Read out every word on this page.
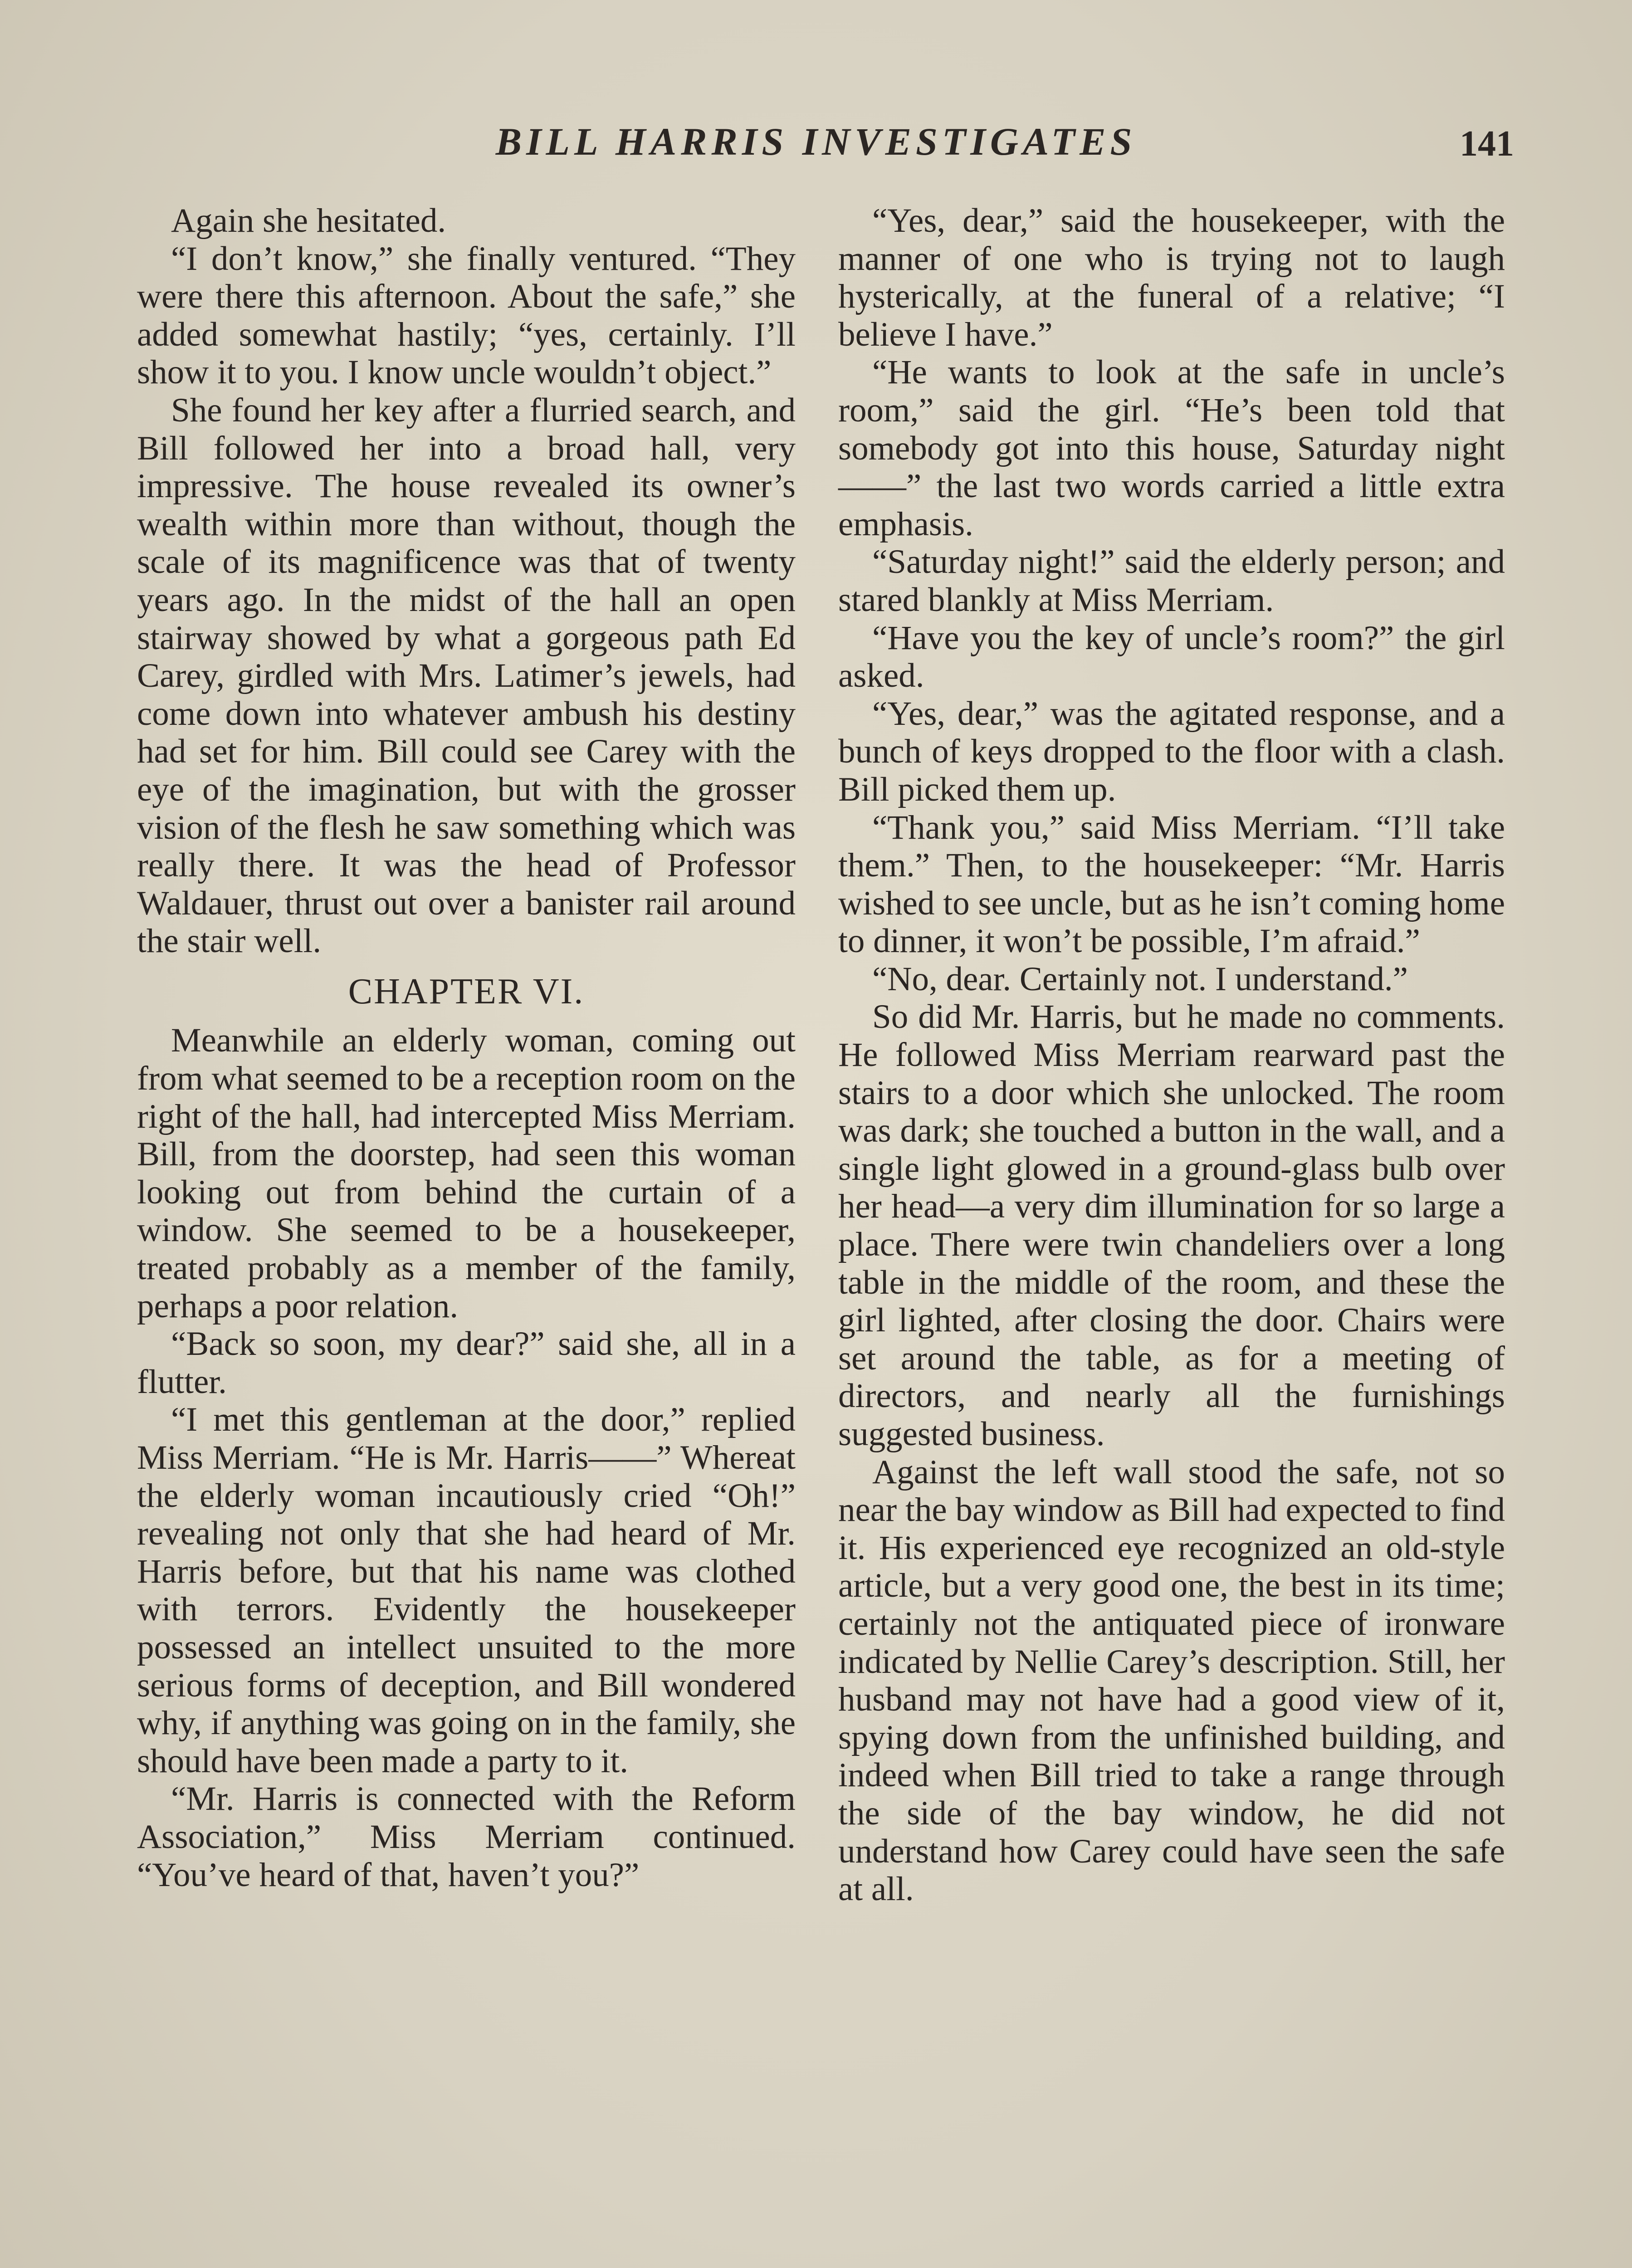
BILL HARRIS INVESTIGATES	141

Again she hesitated.

“I don’t know,” she finally ventured. “They were there this afternoon. About the safe,” she added somewhat hastily; “yes, certainly. I’ll show it to you. I know uncle wouldn’t object.”

She found her key after a flurried search, and Bill followed her into a broad hall, very impressive. The house revealed its owner’s wealth within more than without, though the scale of its magnificence was that of twenty years ago. In the midst of the hall an open stairway showed by what a gorgeous path Ed Carey, girdled with Mrs. Latimer’s jewels, had come down into whatever ambush his destiny had set for him. Bill could see Carey with the eye of the imagination, but with the grosser vision of the flesh he saw something which was really there. It was the head of Professor Waldauer, thrust out over a banister rail around the stair well.

CHAPTER VI.

Meanwhile an elderly woman, coming out from what seemed to be a reception room on the right of the hall, had intercepted Miss Merriam. Bill, from the doorstep, had seen this woman looking out from behind the curtain of a window. She seemed to be a housekeeper, treated probably as a member of the family, perhaps a poor relation.

“Back so soon, my dear?” said she, all in a flutter.

“I met this gentleman at the door,” replied Miss Merriam. “He is Mr. Harris——” Whereat the elderly woman incautiously cried “Oh!” revealing not only that she had heard of Mr. Harris before, but that his name was clothed with terrors. Evidently the housekeeper possessed an intellect unsuited to the more serious forms of deception, and Bill wondered why, if anything was going on in the family, she should have been made a party to it.

“Mr. Harris is connected with the Reform Association,” Miss Merriam continued. “You’ve heard of that, haven’t you?”

“Yes, dear,” said the housekeeper, with the manner of one who is trying not to laugh hysterically, at the funeral of a relative; “I believe I have.”

“He wants to look at the safe in uncle’s room,” said the girl. “He’s been told that somebody got into this house, Saturday night——” the last two words carried a little extra emphasis.

“Saturday night!” said the elderly person; and stared blankly at Miss Merriam.

“Have you the key of uncle’s room?” the girl asked.

“Yes, dear,” was the agitated response, and a bunch of keys dropped to the floor with a clash. Bill picked them up.

“Thank you,” said Miss Merriam. “I’ll take them.” Then, to the housekeeper: “Mr. Harris wished to see uncle, but as he isn’t coming home to dinner, it won’t be possible, I’m afraid.”

“No, dear. Certainly not. I understand.”

So did Mr. Harris, but he made no comments. He followed Miss Merriam rearward past the stairs to a door which she unlocked. The room was dark; she touched a button in the wall, and a single light glowed in a ground-glass bulb over her head—a very dim illumination for so large a place. There were twin chandeliers over a long table in the middle of the room, and these the girl lighted, after closing the door. Chairs were set around the table, as for a meeting of directors, and nearly all the furnishings suggested business.

Against the left wall stood the safe, not so near the bay window as Bill had expected to find it. His experienced eye recognized an old-style article, but a very good one, the best in its time; certainly not the antiquated piece of ironware indicated by Nellie Carey’s description. Still, her husband may not have had a good view of it, spying down from the unfinished building, and indeed when Bill tried to take a range through the side of the bay window, he did not understand how Carey could have seen the safe at all.
